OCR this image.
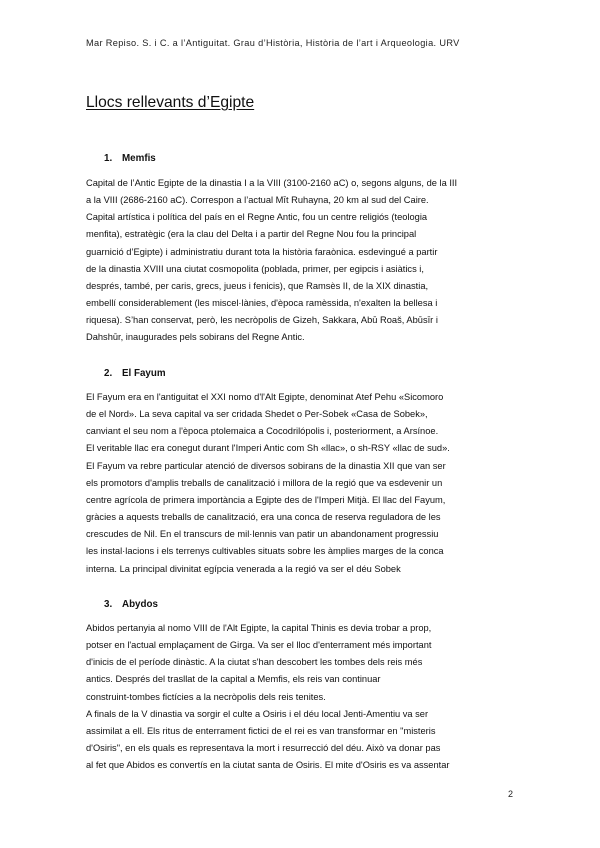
Mar Repiso. S. i C. a l’Antiguitat. Grau d’Història, Història de l’art i Arqueologia. URV
Llocs rellevants d’Egipte
1. Memfis
Capital de l’Antic Egipte de la dinastia I a la VIII (3100-2160 aC) o, segons alguns, de la III
a la VIII (2686-2160 aC). Correspon a l’actual Mīt Ruhayna, 20 km al sud del Caire.
Capital artística i política del país en el Regne Antic, fou un centre religiós (teologia
menfita), estratègic (era la clau del Delta i a partir del Regne Nou fou la principal
guarnició d’Egipte) i administratiu durant tota la història faraònica. esdevingué a partir
de la dinastia XVIII una ciutat cosmopolita (poblada, primer, per egipcis i asiàtics i,
després, també, per caris, grecs, jueus i fenicis), que Ramsès II, de la XIX dinastia,
embellí considerablement (les miscel·lànies, d'època ramèssida, n'exalten la bellesa i
riquesa). S’han conservat, però, les necròpolis de Gizeh, Sakkara, Abū Roaš, Abūsīr i
Dahshūr, inaugurades pels sobirans del Regne Antic.
2. El Fayum
El Fayum era en l'antiguitat el XXI nomo d'l'Alt Egipte, denominat Atef Pehu «Sicomoro
de el Nord». La seva capital va ser cridada Shedet o Per-Sobek «Casa de Sobek»,
canviant el seu nom a l'època ptolemaica a Cocodrilópolis i, posteriorment, a Arsínoe.
El veritable llac era conegut durant l'Imperi Antic com Sh «llac», o sh-RSY «llac de sud».
El Fayum va rebre particular atenció de diversos sobirans de la dinastia XII que van ser
els promotors d'amplis treballs de canalització i millora de la regió que va esdevenir un
centre agrícola de primera importància a Egipte des de l'Imperi Mitjà. El llac del Fayum,
gràcies a aquests treballs de canalització, era una conca de reserva reguladora de les
crescudes de Nil. En el transcurs de mil·lennis van patir un abandonament progressiu
les instal·lacions i els terrenys cultivables situats sobre les àmplies marges de la conca
interna. La principal divinitat egípcia venerada a la regió va ser el déu Sobek
3. Abydos
Abidos pertanyia al nomo VIII de l'Alt Egipte, la capital Thinis es devia trobar a prop,
potser en l'actual emplaçament de Girga. Va ser el lloc d'enterrament més important
d'inicis de el període dinàstic. A la ciutat s'han descobert les tombes dels reis més
antics. Després del trasllat de la capital a Memfis, els reis van continuar
construint-tombes fictícies a la necròpolis dels reis tenites.
A finals de la V dinastia va sorgir el culte a Osiris i el déu local Jenti-Amentiu va ser
assimilat a ell. Els ritus de enterrament fictici de el rei es van transformar en "misteris
d'Osiris", en els quals es representava la mort i resurrecció del déu. Això va donar pas
al fet que Abidos es convertís en la ciutat santa de Osiris. El mite d'Osiris es va assentar
2
